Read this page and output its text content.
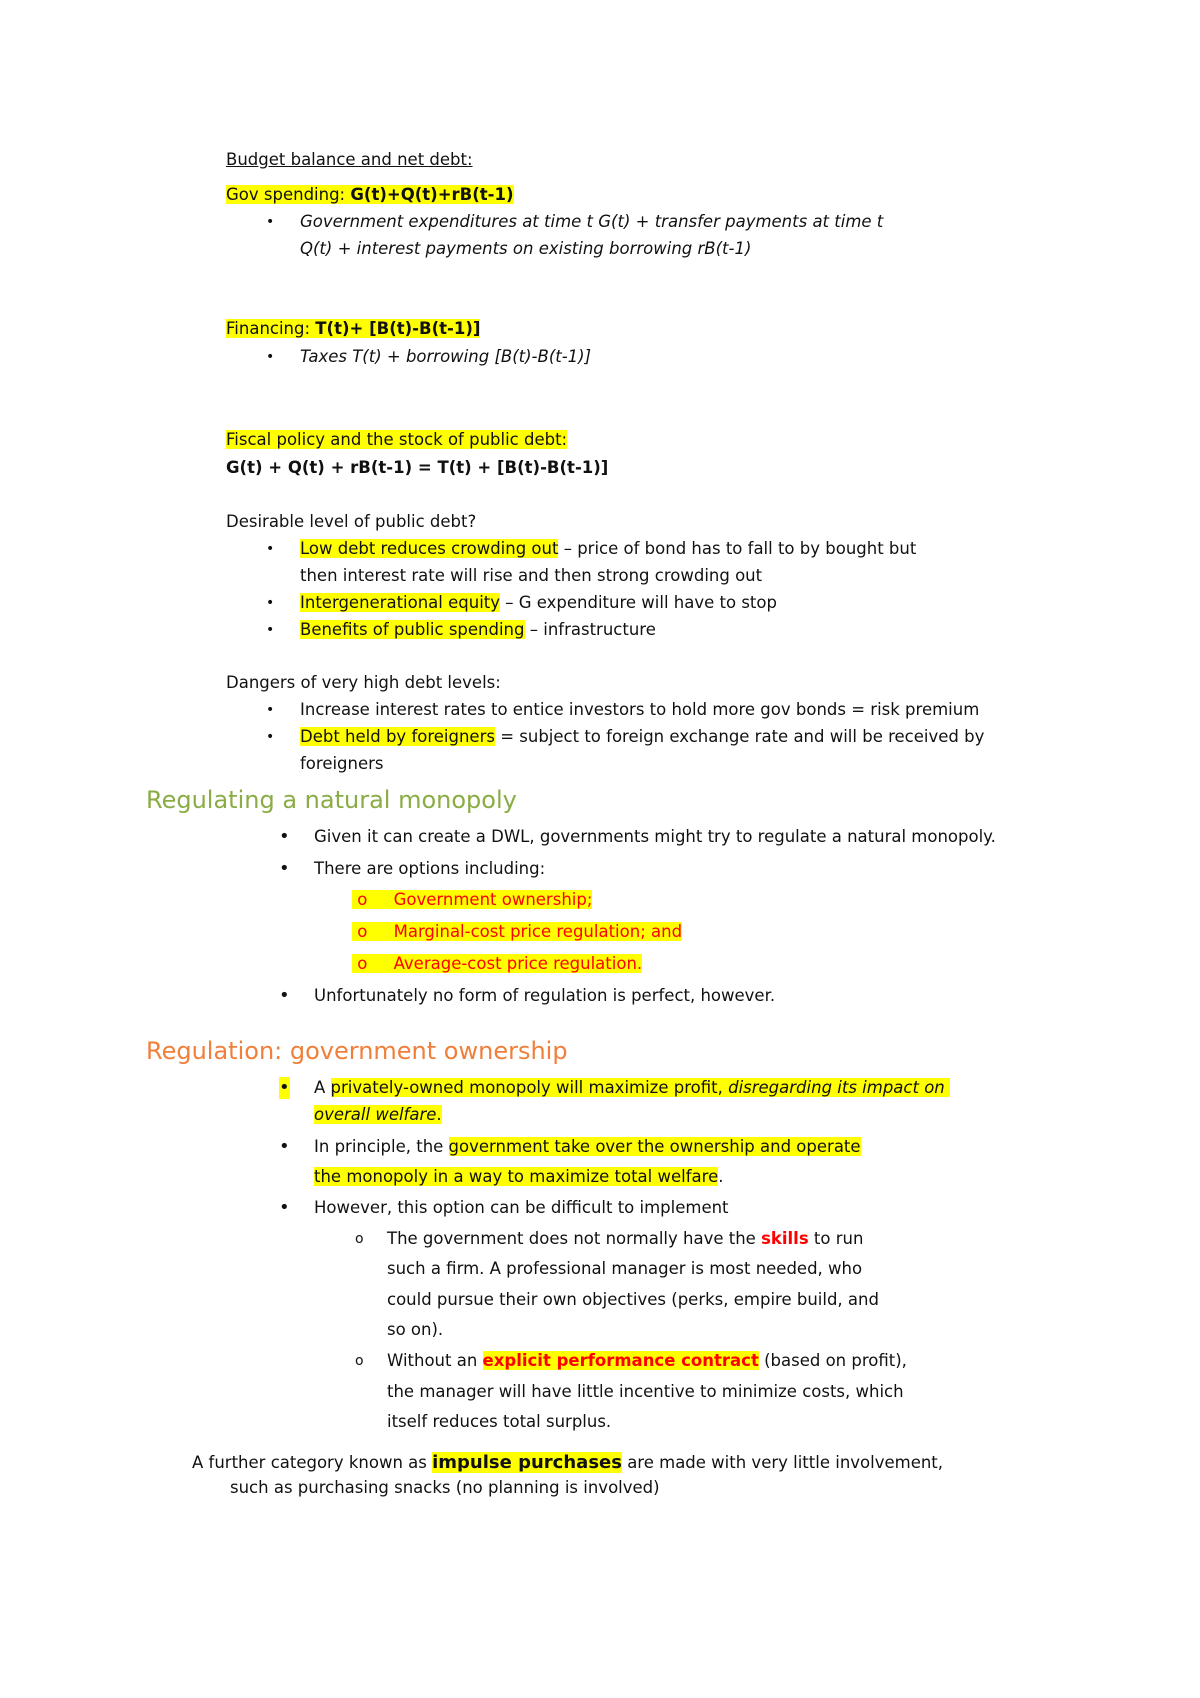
Budget balance and net debt:
Gov spending: G(t)+Q(t)+rB(t-1)
• Government expenditures at time t G(t) + transfer payments at time t
Q(t) + interest payments on existing borrowing rB(t-1)
Financing: T(t)+ [B(t)-B(t-1)]
• Taxes T(t) + borrowing [B(t)-B(t-1)]
Fiscal policy and the stock of public debt:
G(t) + Q(t) + rB(t-1) = T(t) + [B(t)-B(t-1)]
Desirable level of public debt?
• Low debt reduces crowding out – price of bond has to fall to by bought but
then interest rate will rise and then strong crowding out
• Intergenerational equity – G expenditure will have to stop
• Benefits of public spending – infrastructure
Dangers of very high debt levels:
• Increase interest rates to entice investors to hold more gov bonds = risk premium
• Debt held by foreigners = subject to foreign exchange rate and will be received by
foreigners
Regulating a natural monopoly
• Given it can create a DWL, governments might try to regulate a natural monopoly.
• There are options including:
o Government ownership;
o Marginal-cost price regulation; and
o Average-cost price regulation.
• Unfortunately no form of regulation is perfect, however.
Regulation: government ownership
• A privately-owned monopoly will maximize profit, disregarding its impact on
overall welfare.
• In principle, the government take over the ownership and operate
the monopoly in a way to maximize total welfare.
• However, this option can be difficult to implement
o The government does not normally have the skills to run
such a firm. A professional manager is most needed, who
could pursue their own objectives (perks, empire build, and
so on).
o Without an explicit performance contract (based on profit),
the manager will have little incentive to minimize costs, which
itself reduces total surplus.
A further category known as impulse purchases are made with very little involvement,
such as purchasing snacks (no planning is involved)
